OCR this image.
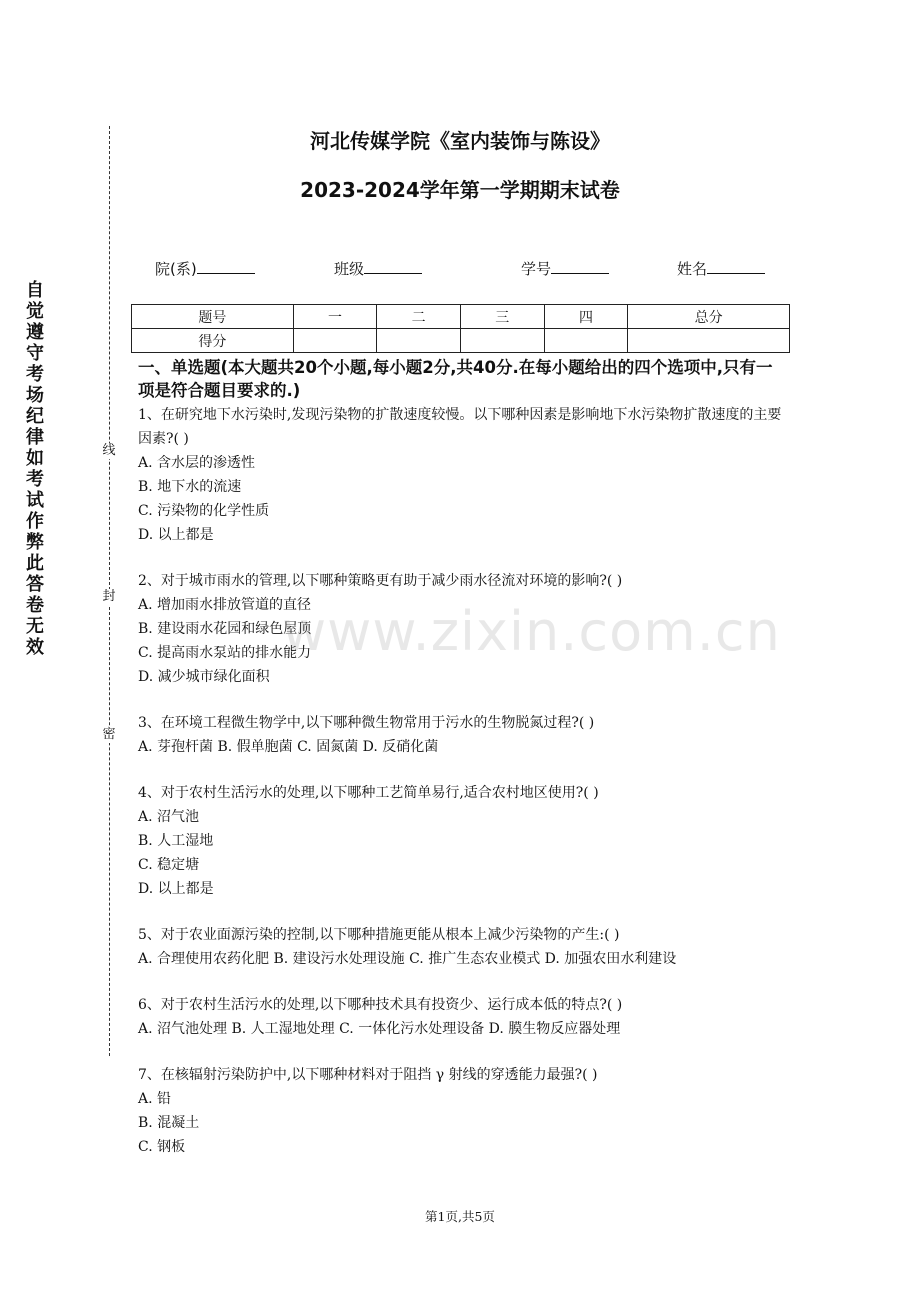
自觉遵守考场纪律如考试作弊此答卷无效
线
封
密
河北传媒学院《室内装饰与陈设》
2023-2024学年第一学期期末试卷
院(系)	班级	学号	姓名
题号	一	二	三	四	总分
得分					
一、单选题(本大题共20个小题,每小题2分,共40分.在每小题给出的四个选项中,只有一项是符合题目要求的.)
1、在研究地下水污染时,发现污染物的扩散速度较慢。以下哪种因素是影响地下水污染物扩散速度的主要因素?( )
A. 含水层的渗透性
B. 地下水的流速
C. 污染物的化学性质
D. 以上都是
2、对于城市雨水的管理,以下哪种策略更有助于减少雨水径流对环境的影响?( )
A. 增加雨水排放管道的直径
B. 建设雨水花园和绿色屋顶
C. 提高雨水泵站的排水能力
D. 减少城市绿化面积
3、在环境工程微生物学中,以下哪种微生物常用于污水的生物脱氮过程?( )
A. 芽孢杆菌 B. 假单胞菌 C. 固氮菌 D. 反硝化菌
4、对于农村生活污水的处理,以下哪种工艺简单易行,适合农村地区使用?( )
A. 沼气池
B. 人工湿地
C. 稳定塘
D. 以上都是
5、对于农业面源污染的控制,以下哪种措施更能从根本上减少污染物的产生:( )
A. 合理使用农药化肥 B. 建设污水处理设施 C. 推广生态农业模式 D. 加强农田水利建设
6、对于农村生活污水的处理,以下哪种技术具有投资少、运行成本低的特点?( )
A. 沼气池处理 B. 人工湿地处理 C. 一体化污水处理设备 D. 膜生物反应器处理
7、在核辐射污染防护中,以下哪种材料对于阻挡 γ 射线的穿透能力最强?( )
A. 铅
B. 混凝土
C. 钢板
www.zixin.com.cn
第1页,共5页
